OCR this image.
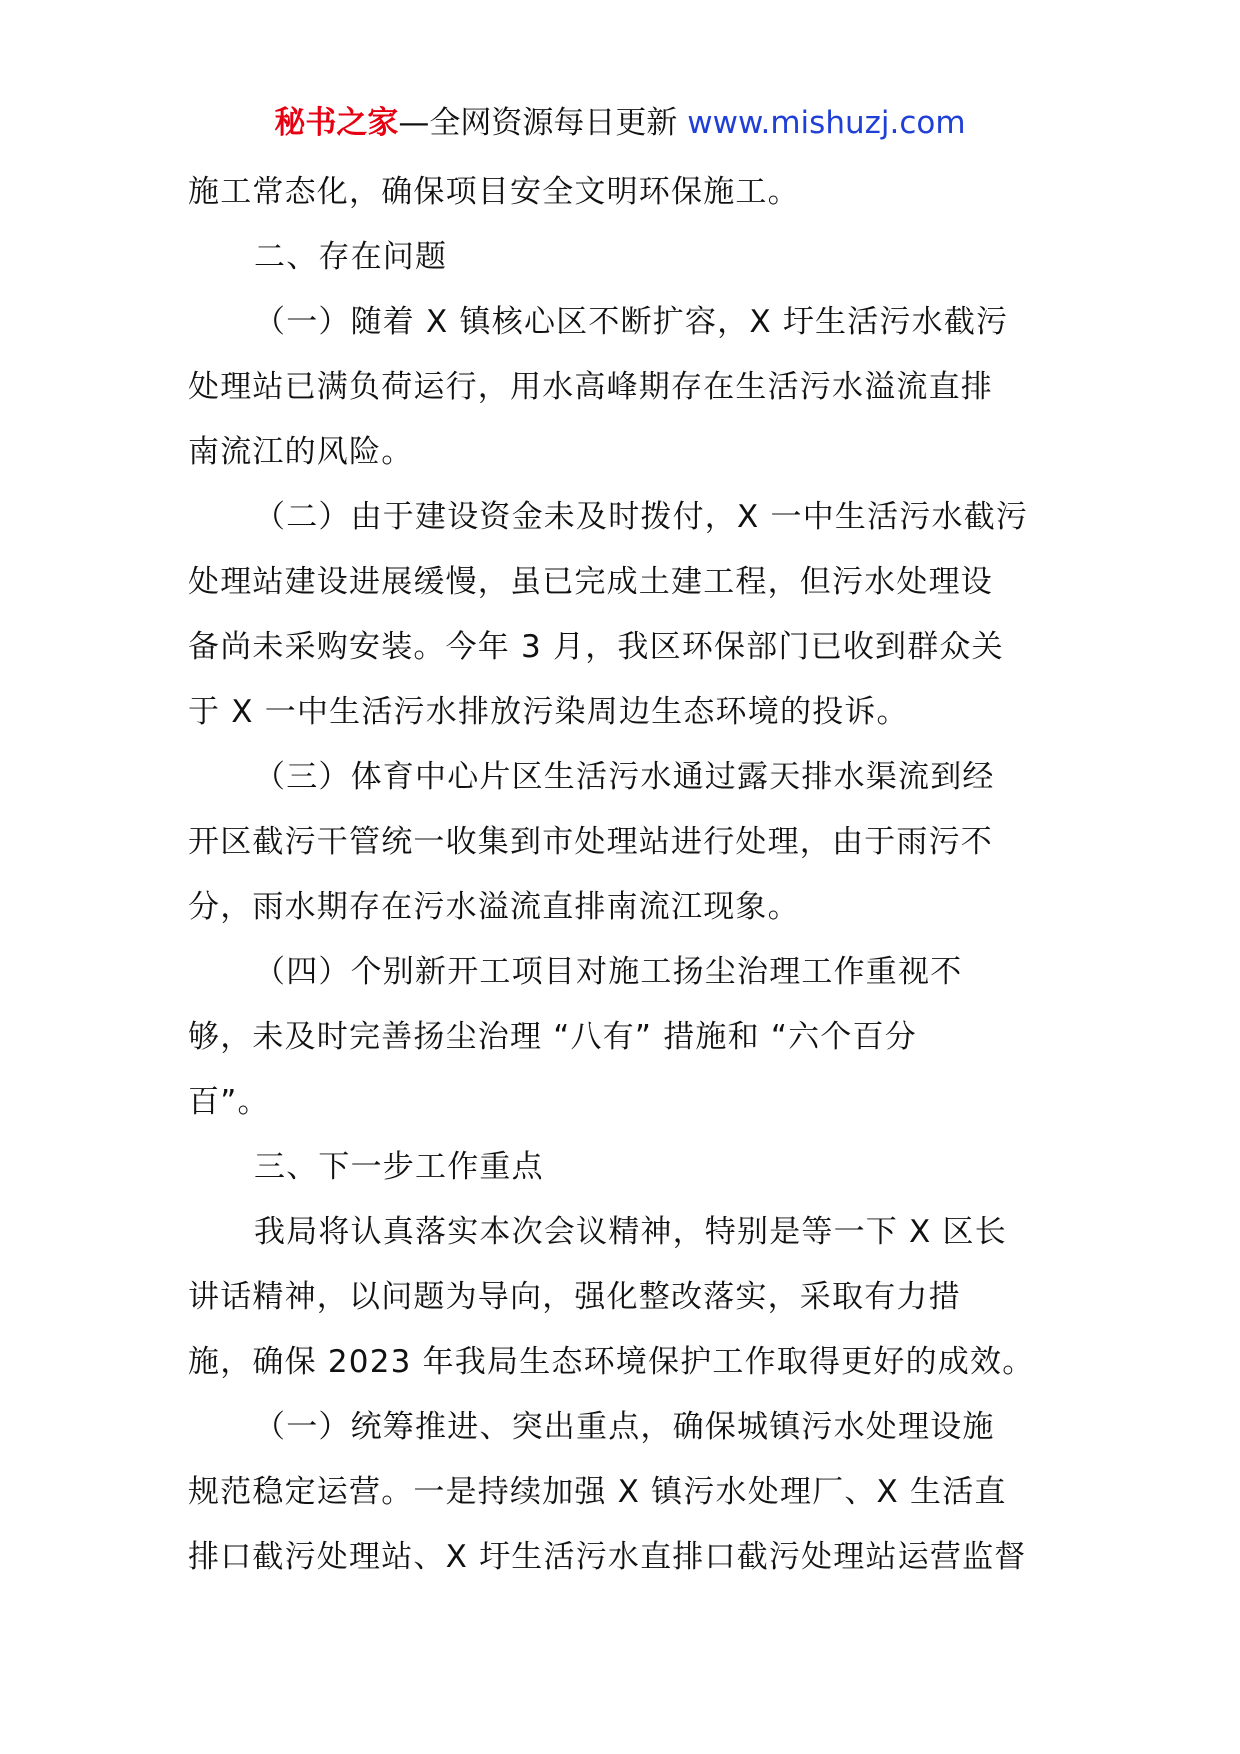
秘书之家—全网资源每日更新 www.mishuzj.com
施工常态化，确保项目安全文明环保施工。
二、存在问题
（一）随着 X 镇核心区不断扩容，X 圩生活污水截污
处理站已满负荷运行，用水高峰期存在生活污水溢流直排
南流江的风险。
（二）由于建设资金未及时拨付，X 一中生活污水截污
处理站建设进展缓慢，虽已完成土建工程，但污水处理设
备尚未采购安装。今年 3 月，我区环保部门已收到群众关
于 X 一中生活污水排放污染周边生态环境的投诉。
（三）体育中心片区生活污水通过露天排水渠流到经
开区截污干管统一收集到市处理站进行处理，由于雨污不
分，雨水期存在污水溢流直排南流江现象。
（四）个别新开工项目对施工扬尘治理工作重视不
够，未及时完善扬尘治理 “八有” 措施和 “六个百分
百”。
三、下一步工作重点
我局将认真落实本次会议精神，特别是等一下 X 区长
讲话精神，以问题为导向，强化整改落实，采取有力措
施，确保 2023 年我局生态环境保护工作取得更好的成效。
（一）统筹推进、突出重点，确保城镇污水处理设施
规范稳定运营。一是持续加强 X 镇污水处理厂、X 生活直
排口截污处理站、X 圩生活污水直排口截污处理站运营监督
